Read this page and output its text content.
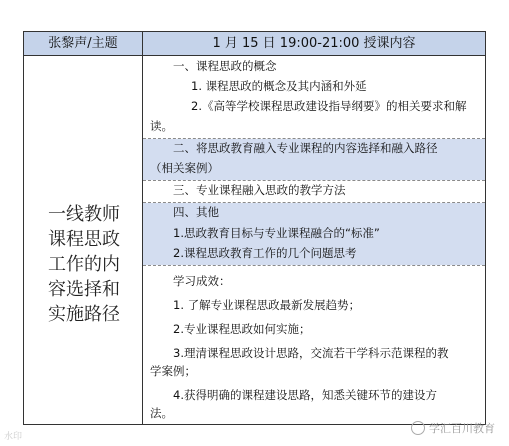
张黎声/主题	1 月 15 日 19:00-21:00 授课内容
一线教师
课程思政
工作的内
容选择和
实施路径
一、课程思政的概念
1. 课程思政的概念及其内涵和外延
2.《高等学校课程思政建设指导纲要》的相关要求和解
读。
二、将思政教育融入专业课程的内容选择和融入路径
（相关案例）
三、专业课程融入思政的教学方法
四、其他
1.思政教育目标与专业课程融合的“标准”
2.课程思政教育工作的几个问题思考
学习成效：
1. 了解专业课程思政最新发展趋势；
2.专业课程思政如何实施；
3.理清课程思政设计思路，交流若干学科示范课程的教
学案例；
4.获得明确的课程建设思路，知悉关键环节的建设方
法。
学汇百川教育
水印
